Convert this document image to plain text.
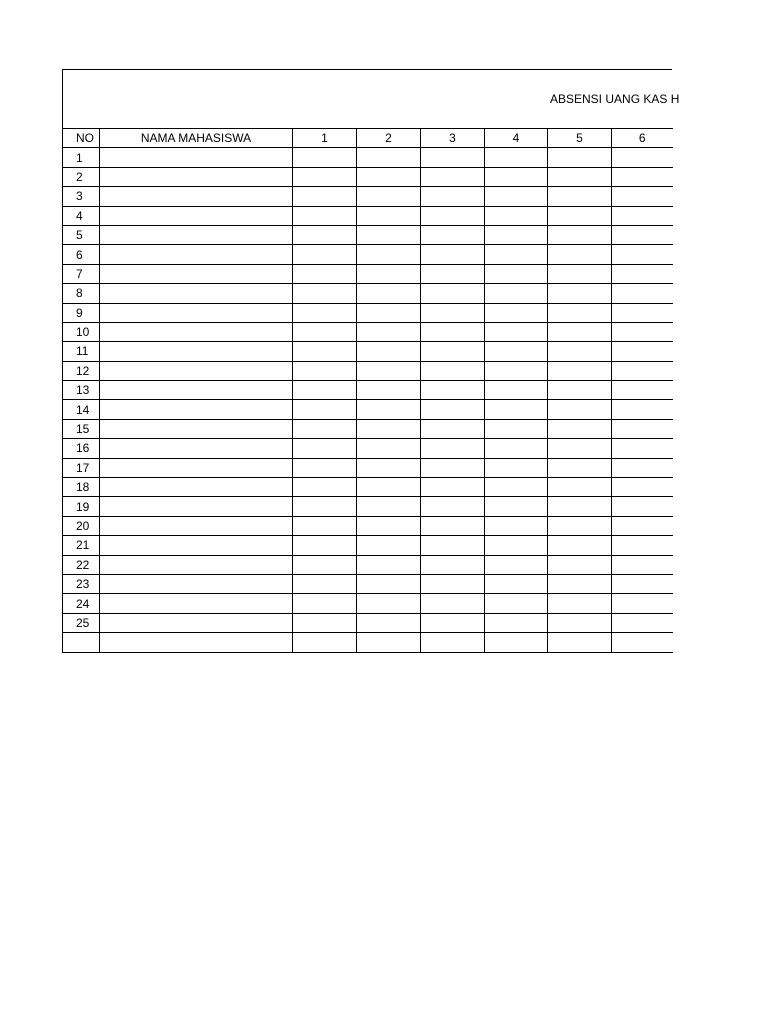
ABSENSI UANG KAS H
NO	NAMA MAHASISWA	1	2	3	4	5	6
1							
2							
3							
4							
5							
6							
7							
8							
9							
10							
11							
12							
13							
14							
15							
16							
17							
18							
19							
20							
21							
22							
23							
24							
25							
